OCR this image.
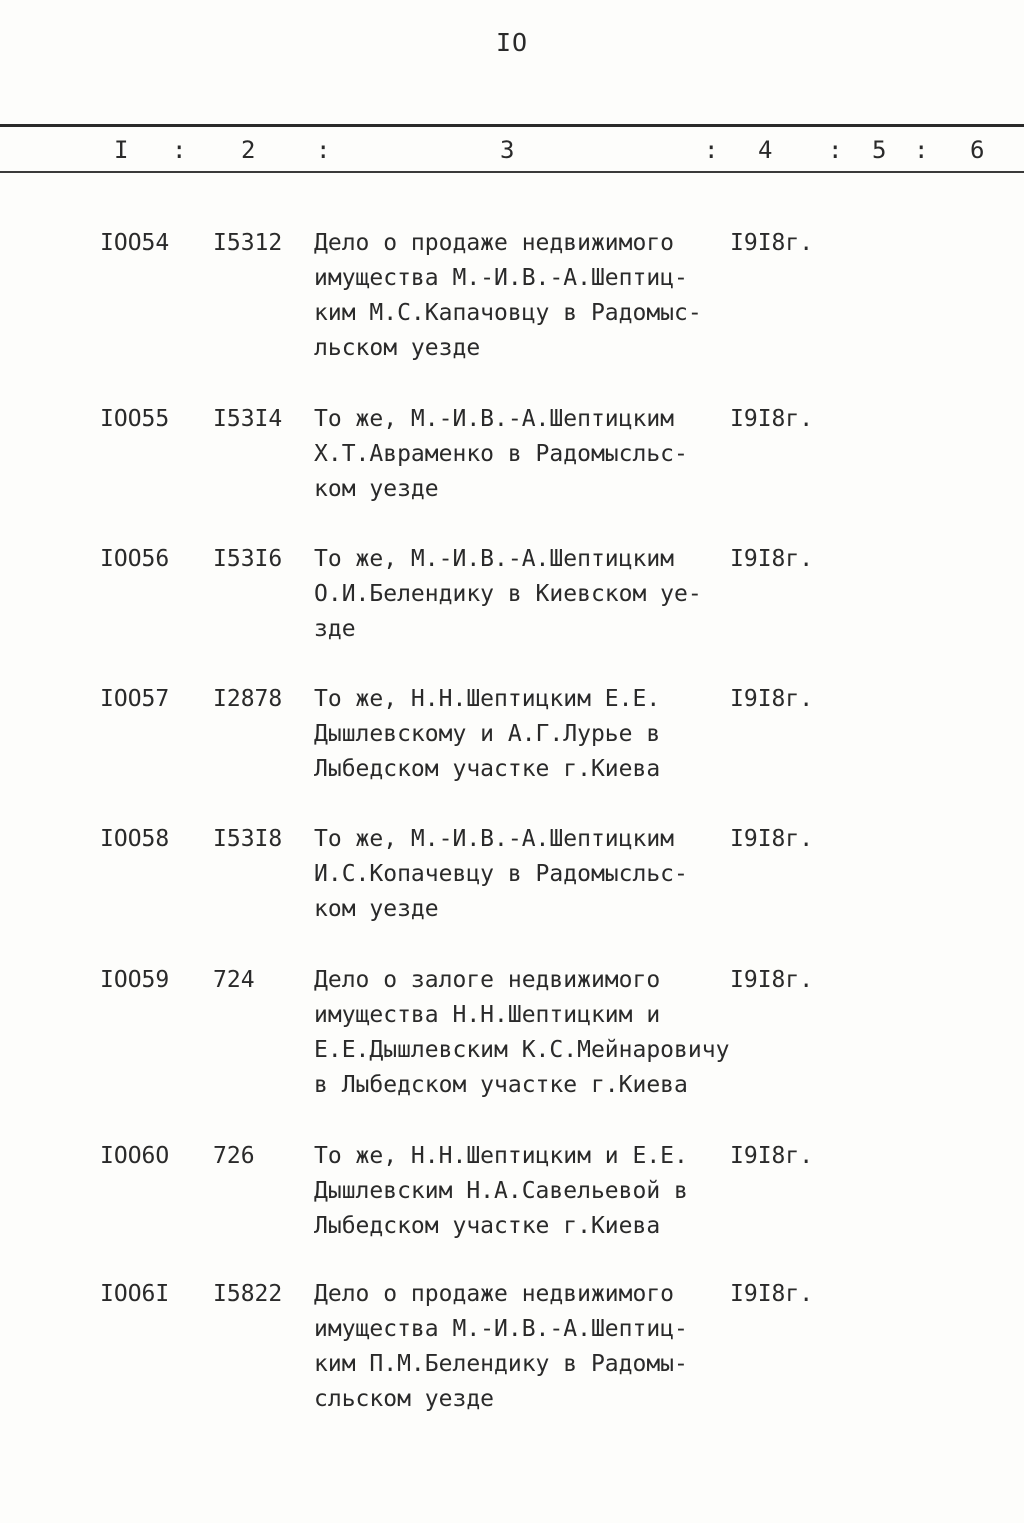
IO
I : 2	:	3	: 4 : 5 : 6
IOO54 I5312 Дело о продаже недвижимого
имущества М.-И.В.-А.Шептиц-
ким М.С.Капачовцу в Радомыс-
льском уезде
I9I8г.
IOO55 I53I4 То же, М.-И.В.-А.Шептицким
Х.Т.Авраменко в Радомысльс-
ком уезде
I9I8г.
IOO56 I53I6 То же, М.-И.В.-А.Шептицким
О.И.Белендику в Киевском уе-
зде
I9I8г.
IOO57 I2878 То же, Н.Н.Шептицким Е.Е.
Дышлевскому и А.Г.Лурье в
Лыбедском участке г.Киева
I9I8г.
IOO58 I53I8 То же, М.-И.В.-А.Шептицким
И.С.Копачевцу в Радомысльс-
ком уезде
I9I8г.
IOO59 724	Дело о залоге недвижимого
имущества Н.Н.Шептицким и
Е.Е.Дышлевским К.С.Мейнаровичу
в Лыбедском участке г.Киева
I9I8г.
IOO6O 726	То же, Н.Н.Шептицким и Е.Е.
Дышлевским Н.А.Савельевой в
Лыбедском участке г.Киева
I9I8г.
IOO6I I5822 Дело о продаже недвижимого
имущества М.-И.В.-А.Шептиц-
ким П.М.Белендику в Радомы-
сльском уезде
I9I8г.
